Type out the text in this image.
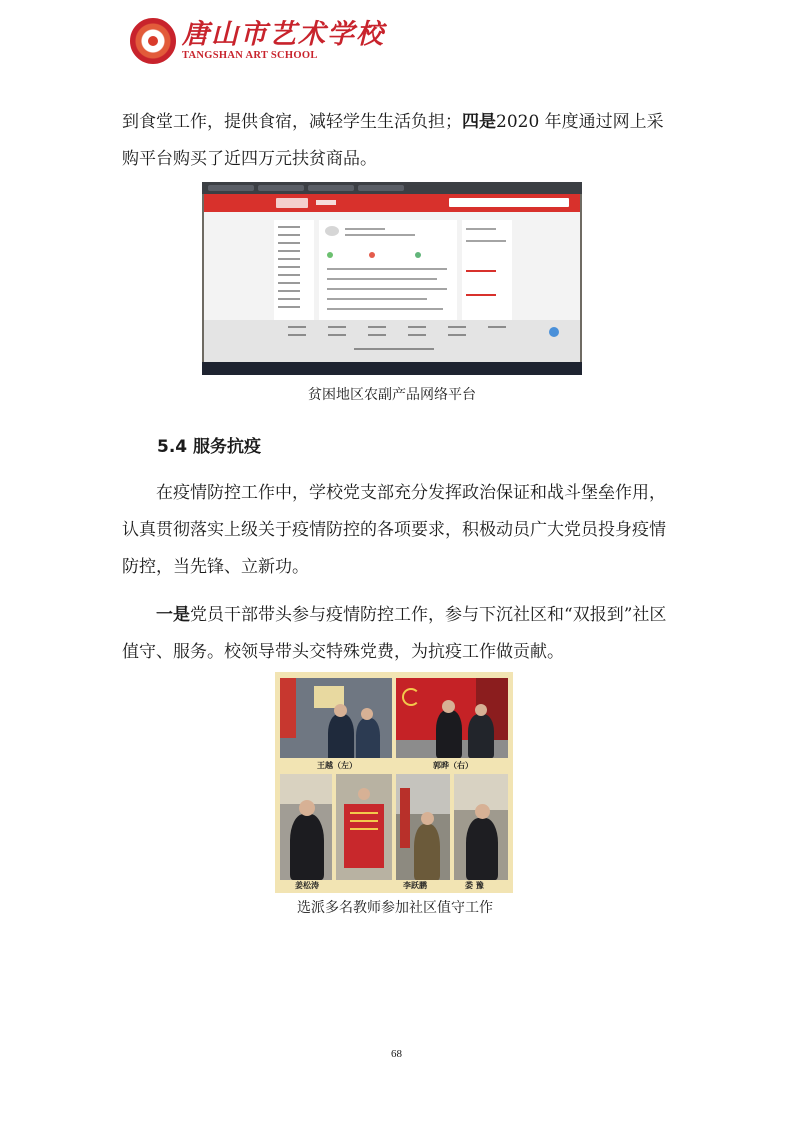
唐山市艺术学校
TANGSHAN ART SCHOOL

到食堂工作，提供食宿，减轻学生生活负担；四是2020 年度通过网上采购平台购买了近四万元扶贫商品。

贫困地区农副产品网络平台
5.4 服务抗疫

在疫情防控工作中，学校党支部充分发挥政治保证和战斗堡垒作用，认真贯彻落实上级关于疫情防控的各项要求，积极动员广大党员投身疫情防控，当先锋、立新功。

一是党员干部带头参与疫情防控工作，参与下沉社区和“双报到”社区值守、服务。校领导带头交特殊党费，为抗疫工作做贡献。

王越（左）	郭晔（右）
姜松涛	李跃鹏	娄 豫
选派多名教师参加社区值守工作
68
